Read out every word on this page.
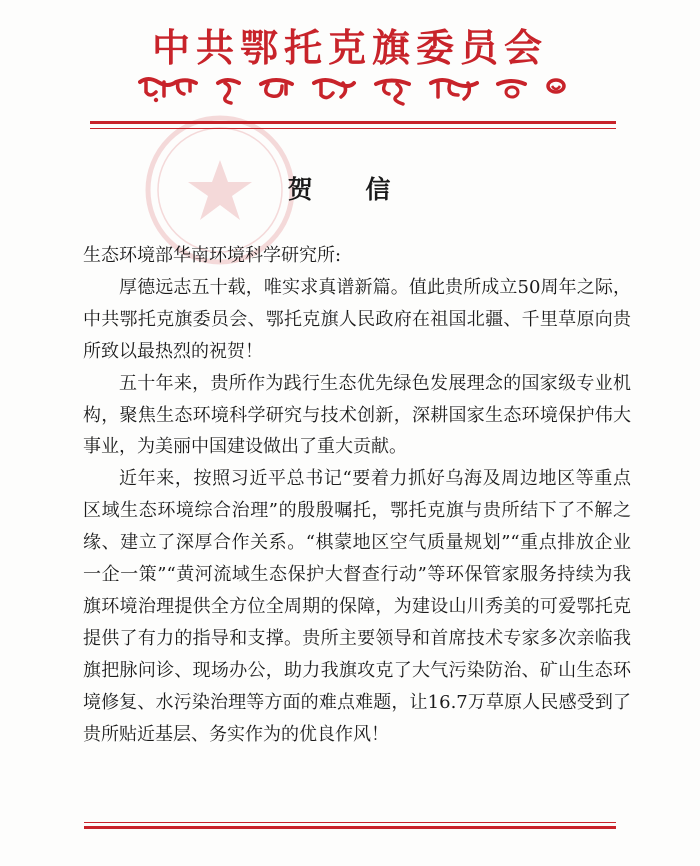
中共鄂托克旗委员会
贺 信

生态环境部华南环境科学研究所:

厚德远志五十载，唯实求真谱新篇。值此贵所成立50周年之际，中共鄂托克旗委员会、鄂托克旗人民政府在祖国北疆、千里草原向贵所致以最热烈的祝贺！

五十年来，贵所作为践行生态优先绿色发展理念的国家级专业机构，聚焦生态环境科学研究与技术创新，深耕国家生态环境保护伟大事业，为美丽中国建设做出了重大贡献。

近年来，按照习近平总书记“要着力抓好乌海及周边地区等重点区域生态环境综合治理”的殷殷嘱托，鄂托克旗与贵所结下了不解之缘、建立了深厚合作关系。“棋蒙地区空气质量规划”“重点排放企业一企一策”“黄河流域生态保护大督查行动”等环保管家服务持续为我旗环境治理提供全方位全周期的保障，为建设山川秀美的可爱鄂托克提供了有力的指导和支撑。贵所主要领导和首席技术专家多次亲临我旗把脉问诊、现场办公，助力我旗攻克了大气污染防治、矿山生态环境修复、水污染治理等方面的难点难题，让16.7万草原人民感受到了贵所贴近基层、务实作为的优良作风！
